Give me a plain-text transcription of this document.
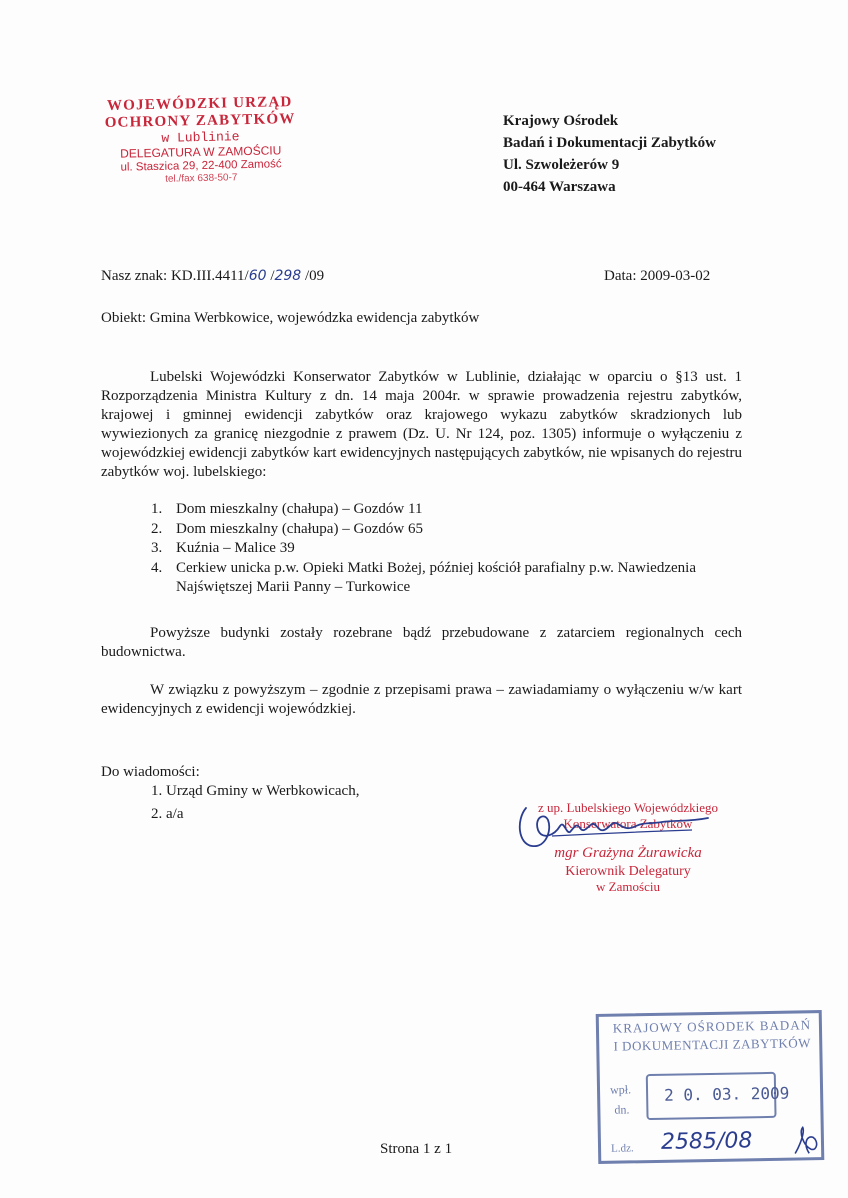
WOJEWÓDZKI URZĄD
OCHRONY ZABYTKÓW
w Lublinie
DELEGATURA W ZAMOŚCIU
ul. Staszica 29, 22-400 Zamość
tel./fax 638-50-7
Krajowy Ośrodek
Badań i Dokumentacji Zabytków
Ul. Szwoleżerów 9
00-464 Warszawa
Nasz znak: KD.III.4411/60 /298 /09	Data: 2009-03-02
Obiekt: Gmina Werbkowice, wojewódzka ewidencja zabytków
Lubelski Wojewódzki Konserwator Zabytków w Lublinie, działając w oparciu o §13 ust. 1 Rozporządzenia Ministra Kultury z dn. 14 maja 2004r. w sprawie prowadzenia rejestru zabytków, krajowej i gminnej ewidencji zabytków oraz krajowego wykazu zabytków skradzionych lub wywiezionych za granicę niezgodnie z prawem (Dz. U. Nr 124, poz. 1305) informuje o wyłączeniu z wojewódzkiej ewidencji zabytków kart ewidencyjnych następujących zabytków, nie wpisanych do rejestru zabytków woj. lubelskiego:
1. Dom mieszkalny (chałupa) – Gozdów 11
2. Dom mieszkalny (chałupa) – Gozdów 65
3. Kuźnia – Malice 39
4. Cerkiew unicka p.w. Opieki Matki Bożej, później kościół parafialny p.w. Nawiedzenia Najświętszej Marii Panny – Turkowice
Powyższe budynki zostały rozebrane bądź przebudowane z zatarciem regionalnych cech budownictwa.
W związku z powyższym – zgodnie z przepisami prawa – zawiadamiamy o wyłączeniu w/w kart ewidencyjnych z ewidencji wojewódzkiej.
Do wiadomości:
1. Urząd Gminy w Werbkowicach,
2. a/a	z up. Lubelskiego Wojewódzkiego
Konserwatora Zabytków
mgr Grażyna Żurawicka
Kierownik Delegatury
w Zamościu
KRAJOWY OŚRODEK BADAŃ
I DOKUMENTACJI ZABYTKÓW
wpł.
dn.
2 0. 03. 2009
L.dz. 2585/08
Strona 1 z 1
